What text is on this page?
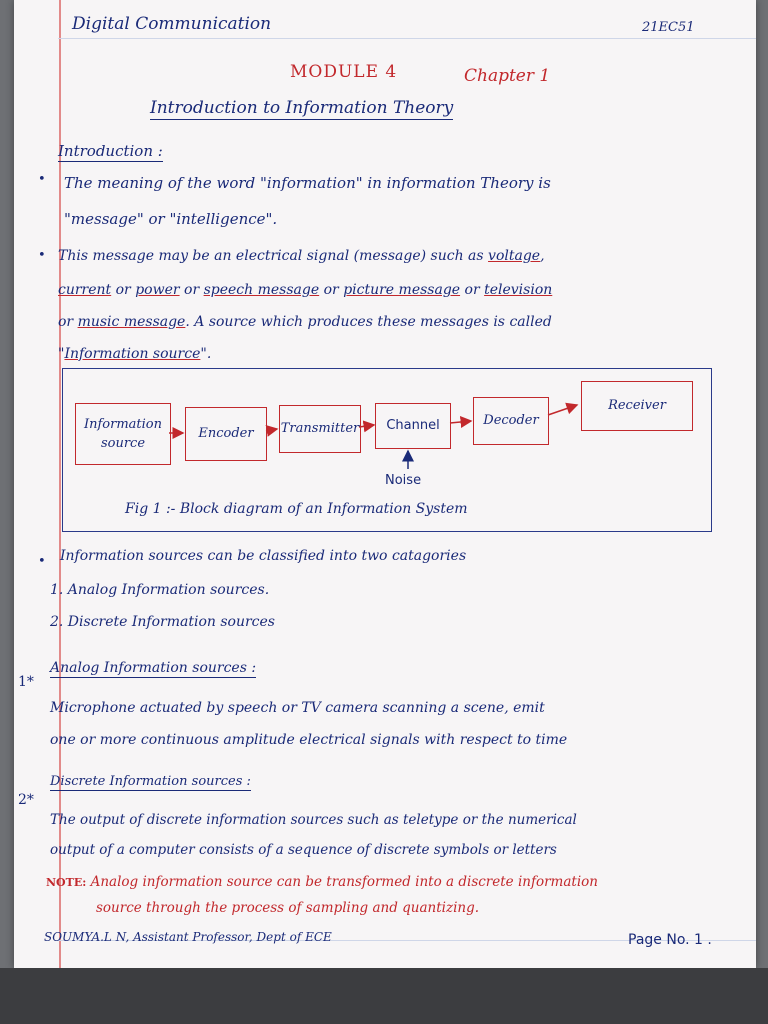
Digital Communication	21EC51
MODULE 4	Chapter 1
Introduction to Information Theory
Introduction :
• The meaning of the word "information" in information Theory is
"message" or "intelligence".
• This message may be an electrical signal (message) such as voltage,
current or power or speech message or picture message or television
or music message. A source which produces these messages is called
"Information source".
Information
source
Encoder	Transmitter	Channel	Decoder
Receiver
Noise
Fig 1 :- Block diagram of an Information System
• Information sources can be classified into two catagories
1. Analog Information sources.
2. Discrete Information sources
1*
Analog Information sources :
Microphone actuated by speech or TV camera scanning a scene, emit
one or more continuous amplitude electrical signals with respect to time
2*
Discrete Information sources :
The output of discrete information sources such as teletype or the numerical
output of a computer consists of a sequence of discrete symbols or letters
NOTE: Analog information source can be transformed into a discrete information
source through the process of sampling and quantizing.
SOUMYA.L N, Assistant Professor, Dept of ECE	Page No. 1 .
